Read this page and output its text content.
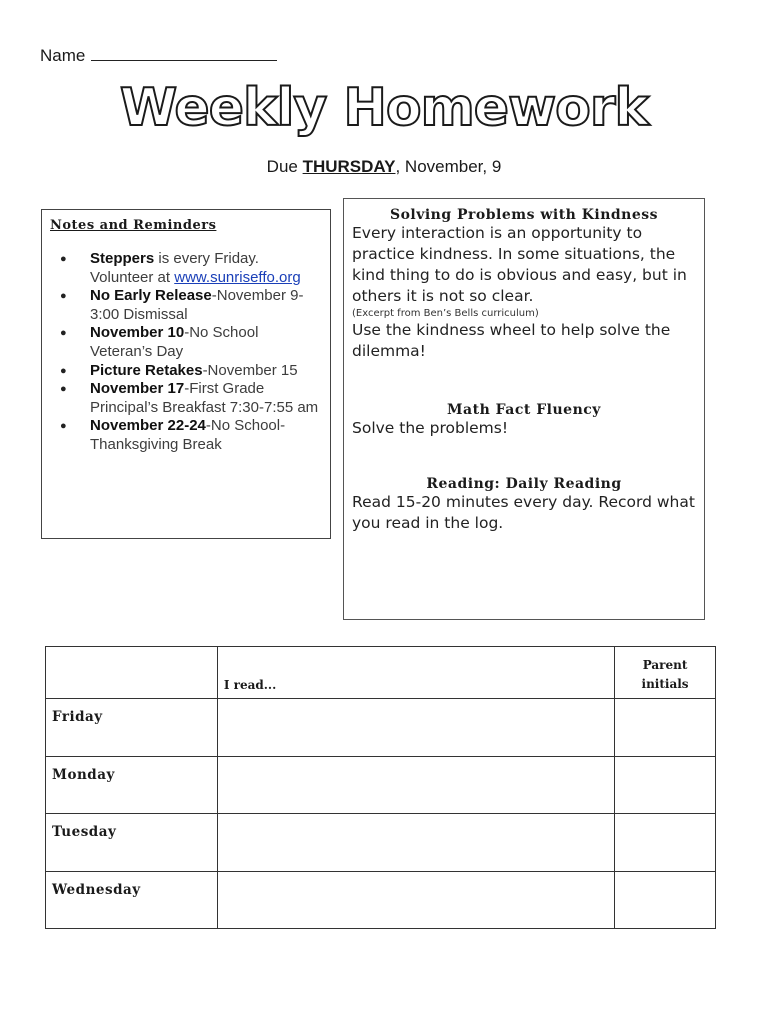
Name
Weekly Homework
Due THURSDAY, November, 9
Notes and Reminders
● Steppers is every Friday. Volunteer at www.sunriseffo.org
● No Early Release-November 9-3:00 Dismissal
● November 10-No School Veteran’s Day
● Picture Retakes-November 15
● November 17-First Grade Principal’s Breakfast 7:30-7:55 am
● November 22-24-No School-Thanksgiving Break
Solving Problems with Kindness
Every interaction is an opportunity to practice kindness. In some situations, the kind thing to do is obvious and easy, but in others it is not so clear.
(Excerpt from Ben’s Bells curriculum)
Use the kindness wheel to help solve the dilemma!
Math Fact Fluency
Solve the problems!
Reading: Daily Reading
Read 15-20 minutes every day. Record what you read in the log.
	I read...	Parent
initials
Friday		
Monday		
Tuesday		
Wednesday		
